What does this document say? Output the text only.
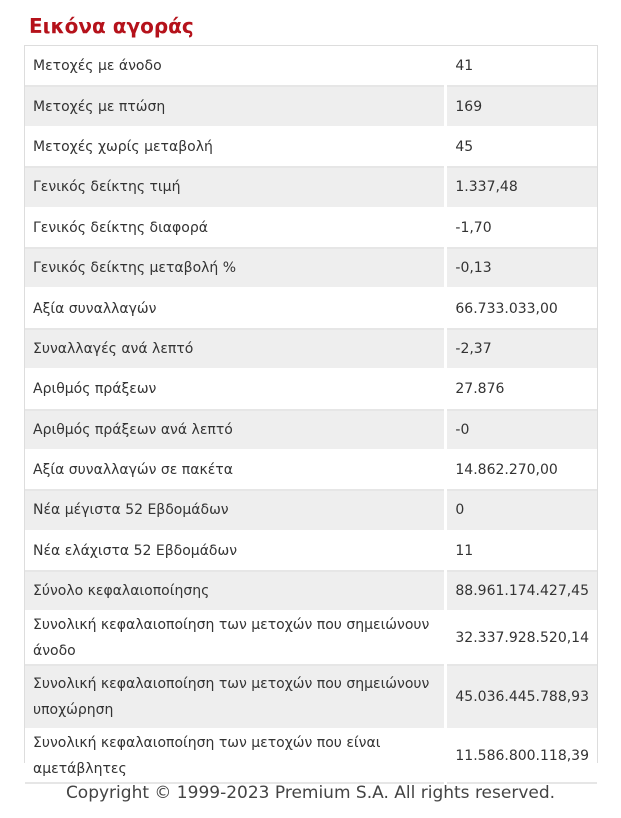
Εικόνα αγοράς
Μετοχές με άνοδο	41
Μετοχές με πτώση	169
Μετοχές χωρίς μεταβολή	45
Γενικός δείκτης τιμή	1.337,48
Γενικός δείκτης διαφορά	-1,70
Γενικός δείκτης μεταβολή %	-0,13
Αξία συναλλαγών	66.733.033,00
Συναλλαγές ανά λεπτό	-2,37
Αριθμός πράξεων	27.876
Αριθμός πράξεων ανά λεπτό	-0
Αξία συναλλαγών σε πακέτα	14.862.270,00
Νέα μέγιστα 52 Εβδομάδων	0
Νέα ελάχιστα 52 Εβδομάδων	11
Σύνολο κεφαλαιοποίησης	88.961.174.427,45
Συνολική κεφαλαιοποίηση των μετοχών που σημειώνουν άνοδο	32.337.928.520,14
Συνολική κεφαλαιοποίηση των μετοχών που σημειώνουν υποχώρηση	45.036.445.788,93
Συνολική κεφαλαιοποίηση των μετοχών που είναι αμετάβλητες	11.586.800.118,39
Copyright © 1999-2023 Premium S.A. All rights reserved.
